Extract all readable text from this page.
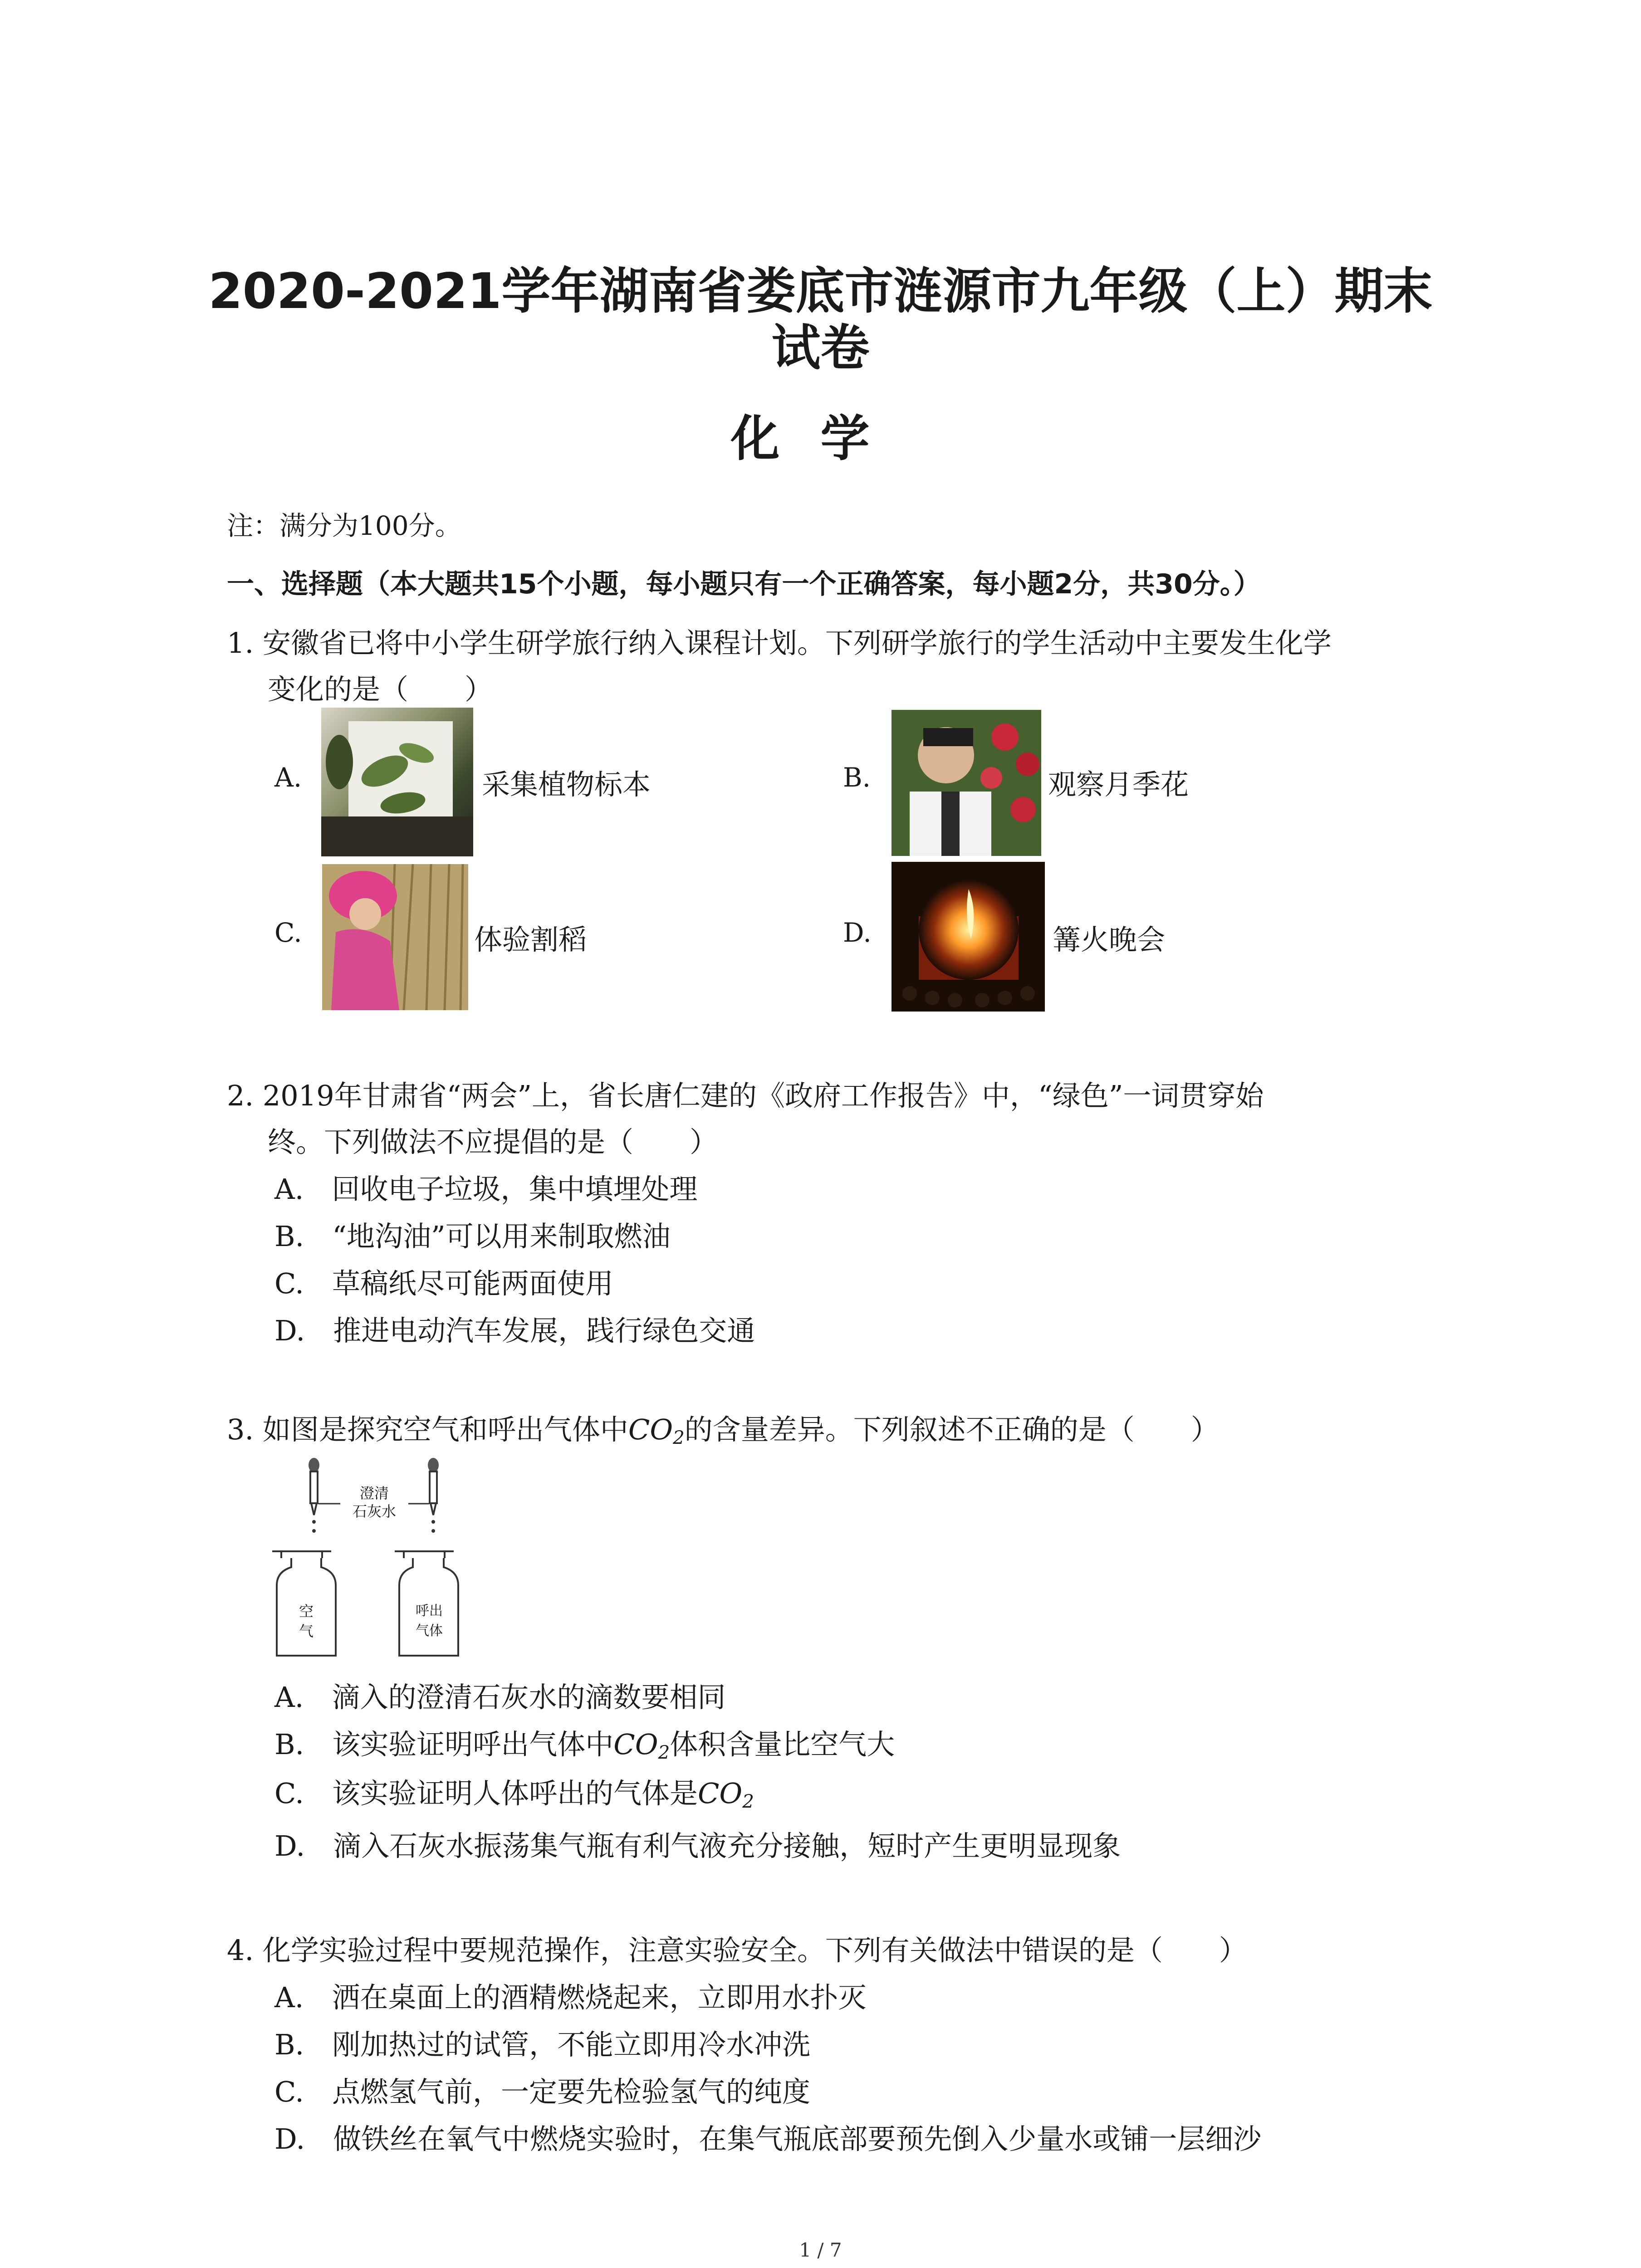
2020-2021学年湖南省娄底市涟源市九年级（上）期末
试卷
化学
注：满分为100分。
一、选择题（本大题共15个小题，每小题只有一个正确答案，每小题2分，共30分。）
1. 安徽省已将中小学生研学旅行纳入课程计划。下列研学旅行的学生活动中主要发生化学
变化的是（　　）
A.	采集植物标本	B.	观察月季花
C.	体验割稻	D.	篝火晚会
2. 2019年甘肃省“两会”上，省长唐仁建的《政府工作报告》中，“绿色”一词贯穿始
终。下列做法不应提倡的是（　　）
A.  回收电子垃圾，集中填埋处理
B.  “地沟油”可以用来制取燃油
C.  草稿纸尽可能两面使用
D.  推进电动汽车发展，践行绿色交通
3. 如图是探究空气和呼出气体中$CO_2$的含量差异。下列叙述不正确的是（　　）
澄清
石灰水
空
气
呼出
气体
A.  滴入的澄清石灰水的滴数要相同
B.  该实验证明呼出气体中$CO_2$体积含量比空气大
C.  该实验证明人体呼出的气体是$CO_2$
D.  滴入石灰水振荡集气瓶有利气液充分接触，短时产生更明显现象
4. 化学实验过程中要规范操作，注意实验安全。下列有关做法中错误的是（　　）
A.  洒在桌面上的酒精燃烧起来，立即用水扑灭
B.  刚加热过的试管，不能立即用冷水冲洗
C.  点燃氢气前，一定要先检验氢气的纯度
D.  做铁丝在氧气中燃烧实验时，在集气瓶底部要预先倒入少量水或铺一层细沙
1 / 7
